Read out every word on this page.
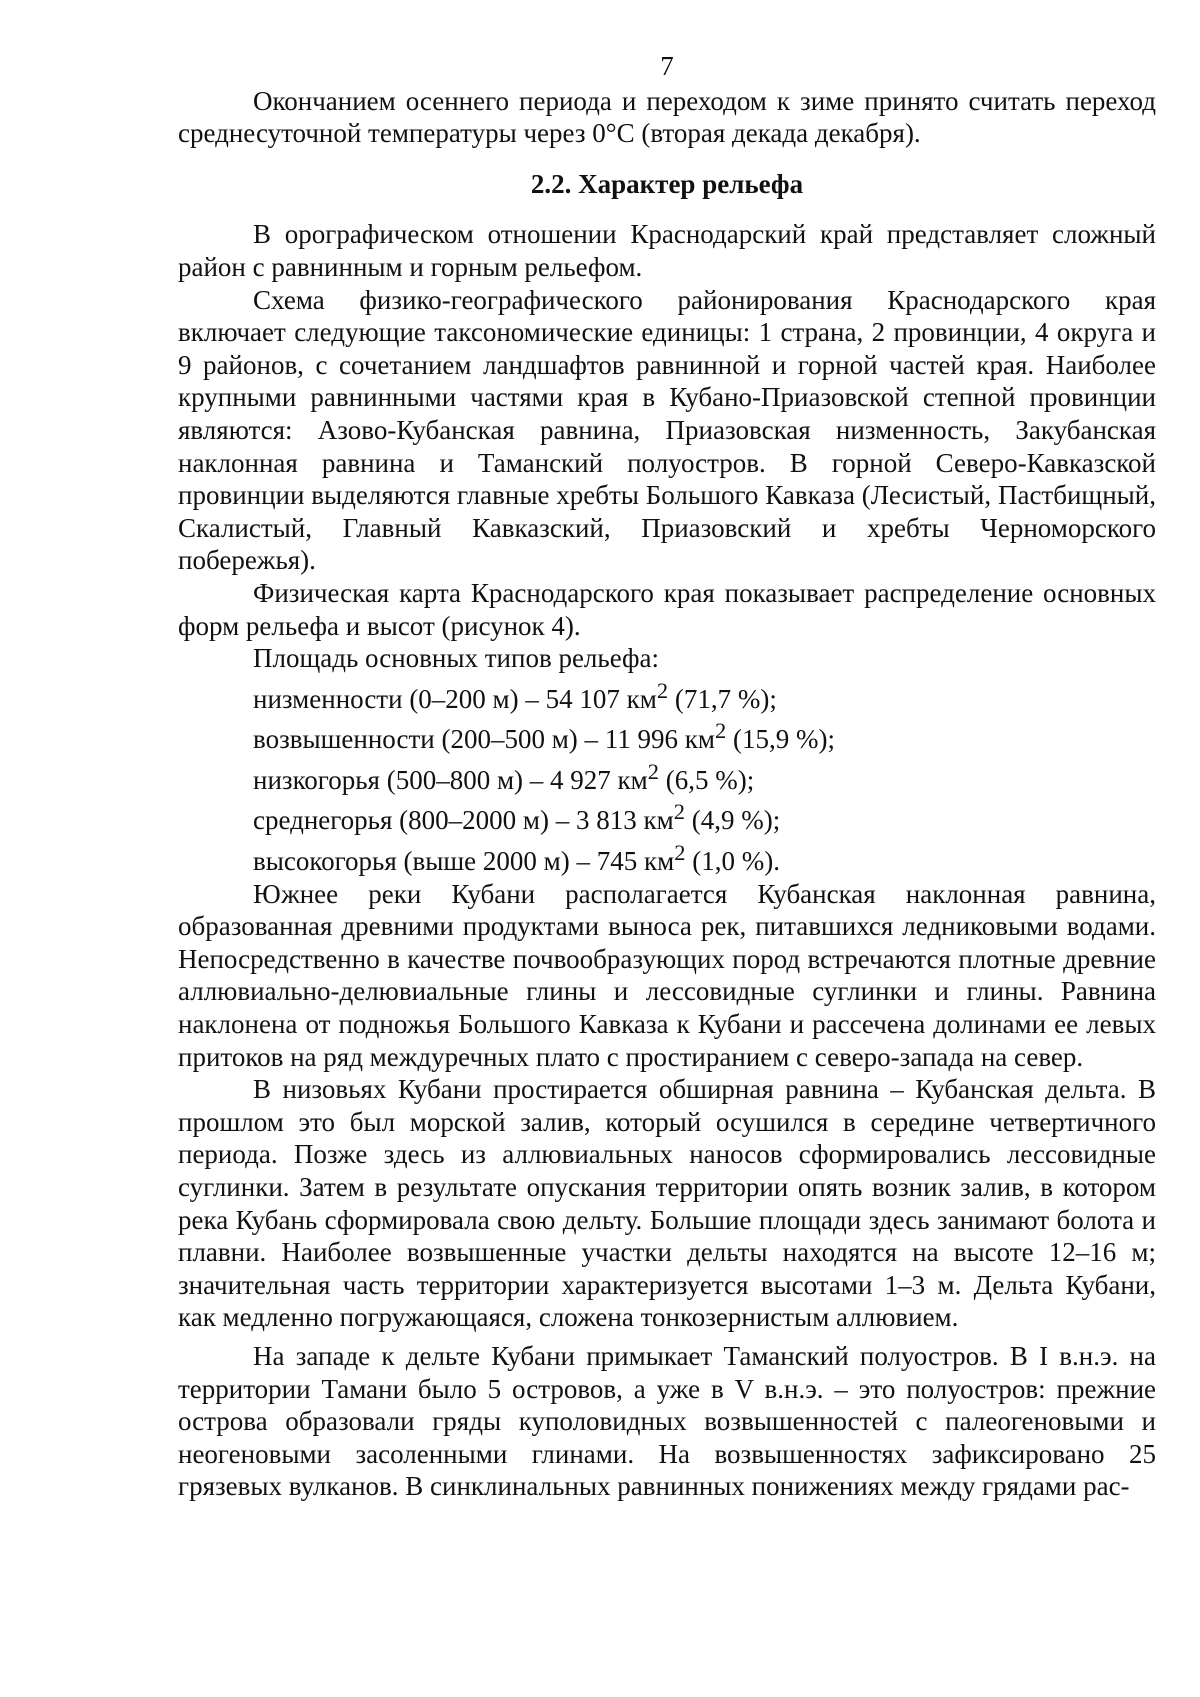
7

Окончанием осеннего периода и переходом к зиме принято считать переход среднесуточной температуры через 0°С (вторая декада декабря).

2.2. Характер рельефа

В орографическом отношении Краснодарский край представляет сложный район с равнинным и горным рельефом.

Схема физико-географического районирования Краснодарского края включает следующие таксономические единицы: 1 страна, 2 провинции, 4 округа и 9 районов, с сочетанием ландшафтов равнинной и горной частей края. Наиболее крупными равнинными частями края в Кубано-Приазовской степной провинции являются: Азово-Кубанская равнина, Приазовская низменность, Закубанская наклонная равнина и Таманский полуостров. В горной Северо-Кавказской провинции выделяются главные хребты Большого Кавказа (Лесистый, Пастбищный, Скалистый, Главный Кавказский, Приазовский и хребты Черноморского побережья).

Физическая карта Краснодарского края показывает распределение основных форм рельефа и высот (рисунок 4).

Площадь основных типов рельефа:
низменности (0–200 м) – 54 107 $км^2$ (71,7 %);
возвышенности (200–500 м) – 11 996 $км^2$ (15,9 %);
низкогорья (500–800 м) – 4 927 $км^2$ (6,5 %);
среднегорья (800–2000 м) – 3 813 $км^2$ (4,9 %);
высокогорья (выше 2000 м) – 745 $км^2$ (1,0 %).

Южнее реки Кубани располагается Кубанская наклонная равнина, образованная древними продуктами выноса рек, питавшихся ледниковыми водами. Непосредственно в качестве почвообразующих пород встречаются плотные древние аллювиально-делювиальные глины и лессовидные суглинки и глины. Равнина наклонена от подножья Большого Кавказа к Кубани и рассечена долинами ее левых притоков на ряд междуречных плато с простиранием с северо-запада на север.

В низовьях Кубани простирается обширная равнина – Кубанская дельта. В прошлом это был морской залив, который осушился в середине четвертичного периода. Позже здесь из аллювиальных наносов сформировались лессовидные суглинки. Затем в результате опускания территории опять возник залив, в котором река Кубань сформировала свою дельту. Большие площади здесь занимают болота и плавни. Наиболее возвышенные участки дельты находятся на высоте 12–16 м; значительная часть территории характеризуется высотами 1–3 м. Дельта Кубани, как медленно погружающаяся, сложена тонкозернистым аллювием.

На западе к дельте Кубани примыкает Таманский полуостров. В I в.н.э. на территории Тамани было 5 островов, а уже в V в.н.э. – это полуостров: прежние острова образовали гряды куполовидных возвышенностей с палеогеновыми и неогеновыми засоленными глинами. На возвышенностях зафиксировано 25 грязевых вулканов. В синклинальных равнинных понижениях между грядами рас-
